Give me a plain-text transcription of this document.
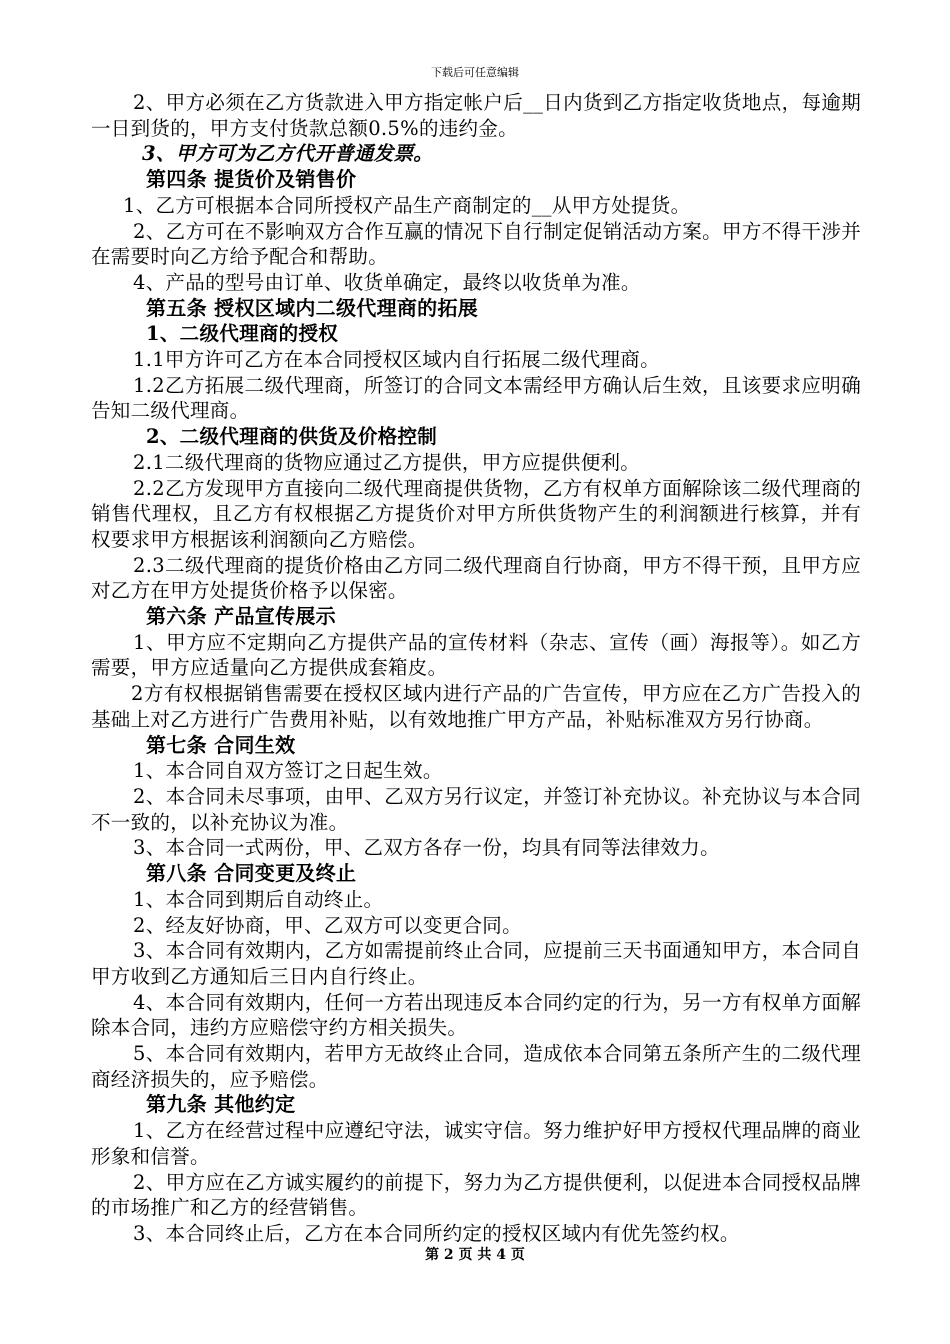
下载后可任意编辑

2、甲方必须在乙方货款进入甲方指定帐户后__日内货到乙方指定收货地点，每逾期一日到货的，甲方支付货款总额0.5%的违约金。

3、甲方可为乙方代开普通发票。

第四条 提货价及销售价

1、乙方可根据本合同所授权产品生产商制定的__从甲方处提货。

2、乙方可在不影响双方合作互赢的情况下自行制定促销活动方案。甲方不得干涉并在需要时向乙方给予配合和帮助。

4、产品的型号由订单、收货单确定，最终以收货单为准。

第五条 授权区域内二级代理商的拓展

1、二级代理商的授权

1.1甲方许可乙方在本合同授权区域内自行拓展二级代理商。

1.2乙方拓展二级代理商，所签订的合同文本需经甲方确认后生效，且该要求应明确告知二级代理商。

2、二级代理商的供货及价格控制

2.1二级代理商的货物应通过乙方提供，甲方应提供便利。

2.2乙方发现甲方直接向二级代理商提供货物，乙方有权单方面解除该二级代理商的销售代理权，且乙方有权根据乙方提货价对甲方所供货物产生的利润额进行核算，并有权要求甲方根据该利润额向乙方赔偿。

2.3二级代理商的提货价格由乙方同二级代理商自行协商，甲方不得干预，且甲方应对乙方在甲方处提货价格予以保密。

第六条 产品宣传展示

1、甲方应不定期向乙方提供产品的宣传材料（杂志、宣传（画）海报等）。如乙方需要，甲方应适量向乙方提供成套箱皮。

2方有权根据销售需要在授权区域内进行产品的广告宣传，甲方应在乙方广告投入的基础上对乙方进行广告费用补贴，以有效地推广甲方产品，补贴标准双方另行协商。

第七条 合同生效

1、本合同自双方签订之日起生效。

2、本合同未尽事项，由甲、乙双方另行议定，并签订补充协议。补充协议与本合同不一致的，以补充协议为准。

3、本合同一式两份，甲、乙双方各存一份，均具有同等法律效力。

第八条 合同变更及终止

1、本合同到期后自动终止。

2、经友好协商，甲、乙双方可以变更合同。

3、本合同有效期内，乙方如需提前终止合同，应提前三天书面通知甲方，本合同自甲方收到乙方通知后三日内自行终止。

4、本合同有效期内，任何一方若出现违反本合同约定的行为，另一方有权单方面解除本合同，违约方应赔偿守约方相关损失。

5、本合同有效期内，若甲方无故终止合同，造成依本合同第五条所产生的二级代理商经济损失的，应予赔偿。

第九条 其他约定

1、乙方在经营过程中应遵纪守法，诚实守信。努力维护好甲方授权代理品牌的商业形象和信誉。

2、甲方应在乙方诚实履约的前提下，努力为乙方提供便利，以促进本合同授权品牌的市场推广和乙方的经营销售。

3、本合同终止后，乙方在本合同所约定的授权区域内有优先签约权。

第 2 页 共 4 页
